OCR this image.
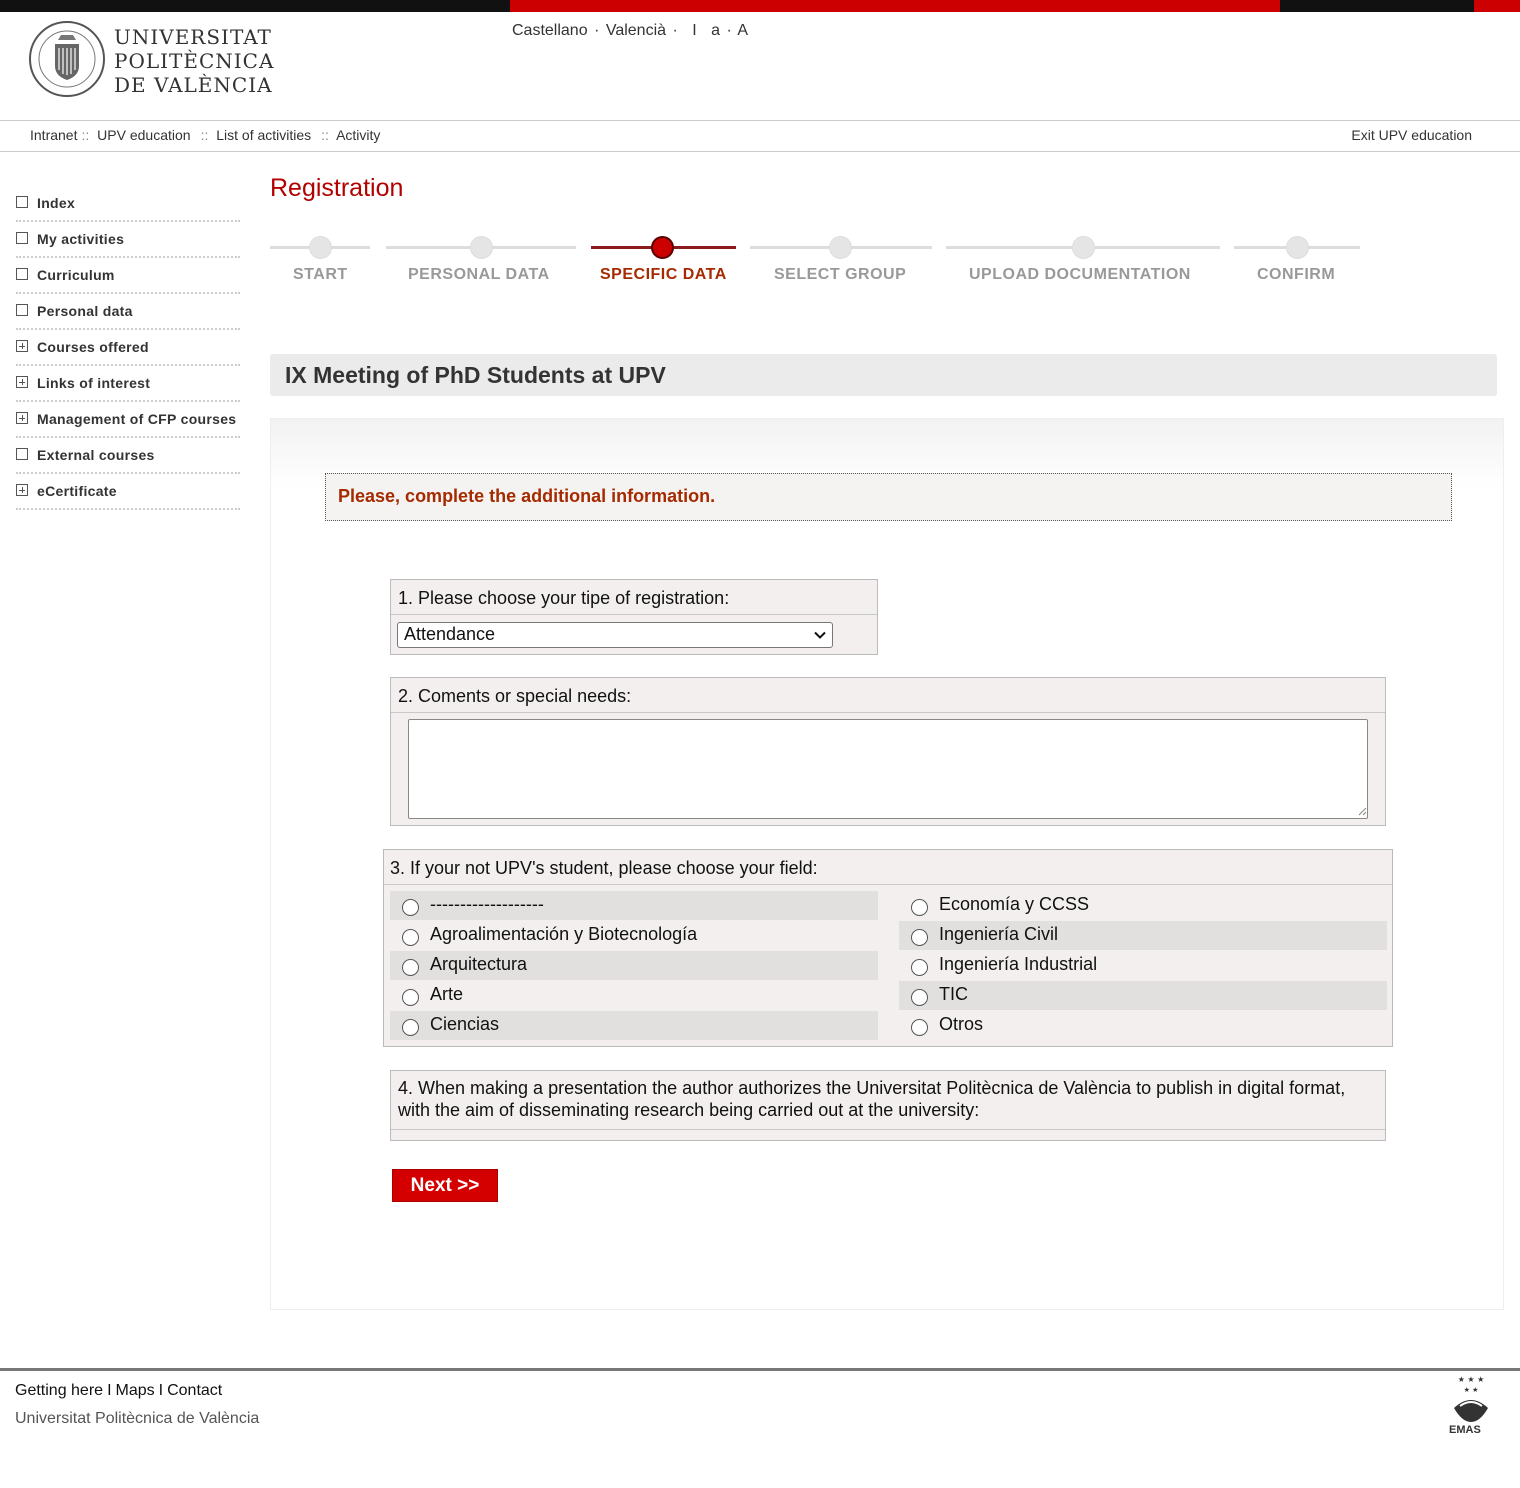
UNIVERSITAT
POLITÈCNICA
DE VALÈNCIA
Castellano · Valencià · I a · A
Intranet :: UPV education :: List of activities :: Activity	Exit UPV education
Index
My activities
Curriculum
Personal data
Courses offered
Links of interest
Management of CFP courses
External courses
eCertificate
Registration
START	PERSONAL DATA	SPECIFIC DATA	SELECT GROUP	UPLOAD DOCUMENTATION	CONFIRM
IX Meeting of PhD Students at UPV
Please, complete the additional information.
1. Please choose your tipe of registration:
Attendance
2. Coments or special needs:
3. If your not UPV's student, please choose your field:
-------------------
Agroalimentación y Biotecnología
Arquitectura
Arte
Ciencias
Economía y CCSS
Ingeniería Civil
Ingeniería Industrial
TIC
Otros
4. When making a presentation the author authorizes the Universitat Politècnica de València to publish in digital format, with the aim of disseminating research being carried out at the university:
Next >>
Getting here I Maps I Contact
Universitat Politècnica de València
★ ★ ★
★ ★
EMAS
